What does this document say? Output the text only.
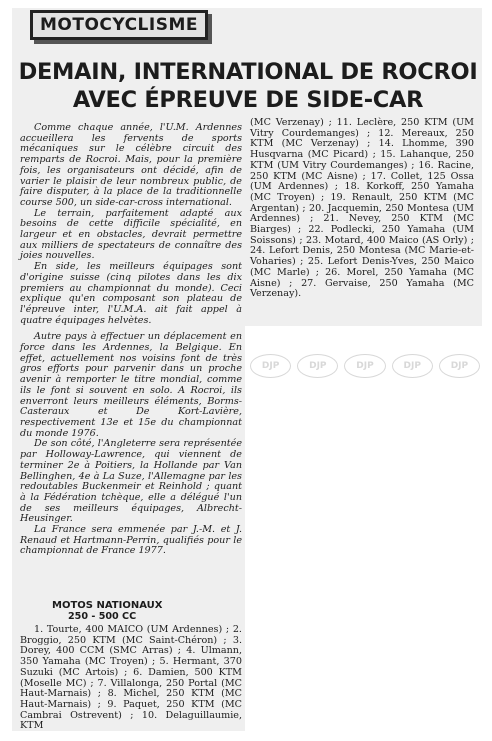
MOTOCYCLISME
DEMAIN, INTERNATIONAL DE ROCROI
AVEC ÉPREUVE DE SIDE-CAR

Comme chaque année, l'U.M. Ardennes accueillera les fervents de sports mécaniques sur le célèbre circuit des remparts de Rocroi. Mais, pour la première fois, les organisateurs ont décidé, afin de varier le plaisir de leur nombreux public, de faire disputer, à la place de la traditionnelle course 500, un side-car-cross international.

Le terrain, parfaitement adapté aux besoins de cette difficile spécialité, en largeur et en obstacles, devrait permettre aux milliers de spectateurs de connaître des joies nouvelles.

En side, les meilleurs équipages sont d'origine suisse (cinq pilotes dans les dix premiers au championnat du monde). Ceci explique qu'en composant son plateau de l'épreuve inter, l'U.M.A. ait fait appel à quatre équipages helvètes.

Autre pays à effectuer un déplacement en force dans les Ardennes, la Belgique. En effet, actuellement nos voisins font de très gros efforts pour parvenir dans un proche avenir à remporter le titre mondial, comme ils le font si souvent en solo. A Rocroi, ils enverront leurs meilleurs éléments, Borms-Casteraux et De Kort-Lavière, respectivement 13e et 15e du championnat du monde 1976.

De son côté, l'Angleterre sera représentée par Holloway-Lawrence, qui viennent de terminer 2e à Poitiers, la Hollande par Van Bellinghen, 4e à La Suze, l'Allemagne par les redoutables Buckenmeir et Reinhold ; quant à la Fédération tchèque, elle a délégué l'un de ses meilleurs équipages, Albrecht-Heusinger.

La France sera emmenée par J.-M. et J. Renaud et Hartmann-Perrin, qualifiés pour le championnat de France 1977.

MOTOS NATIONAUX
250 - 500 CC

1. Tourte, 400 MAICO (UM Ardennes) ; 2. Broggio, 250 KTM (MC Saint-Chéron) ; 3. Dorey, 400 CCM (SMC Arras) ; 4. Ulmann, 350 Yamaha (MC Troyen) ; 5. Hermant, 370 Suzuki (MC Artois) ; 6. Damien, 500 KTM (Moselle MC) ; 7. Villalonga, 250 Portal (MC Haut-Marnais) ; 8. Michel, 250 KTM (MC Haut-Marnais) ; 9. Paquet, 250 KTM (MC Cambrai Ostrevent) ; 10. Delaguillaumie, KTM

(MC Verzenay) ; 11. Leclère, 250 KTM (UM Vitry Courdemanges) ; 12. Mereaux, 250 KTM (MC Verzenay) ; 14. Lhomme, 390 Husqvarna (MC Picard) ; 15. Lahanque, 250 KTM (UM Vitry Courdemanges) ; 16. Racine, 250 KTM (MC Aisne) ; 17. Collet, 125 Ossa (UM Ardennes) ; 18. Korkoff, 250 Yamaha (MC Troyen) ; 19. Renault, 250 KTM (MC Argentan) ; 20. Jacquemin, 250 Montesa (UM Ardennes) ; 21. Nevey, 250 KTM (MC Biarges) ; 22. Podlecki, 250 Yamaha (UM Soissons) ; 23. Motard, 400 Maico (AS Orly) ; 24. Lefort Denis, 250 Montesa (MC Marie-et-Voharies) ; 25. Lefort Denis-Yves, 250 Maico (MC Marle) ; 26. Morel, 250 Yamaha (MC Aisne) ; 27. Gervaise, 250 Yamaha (MC Verzenay).

DJP	DJP	DJP	DJP	DJP
